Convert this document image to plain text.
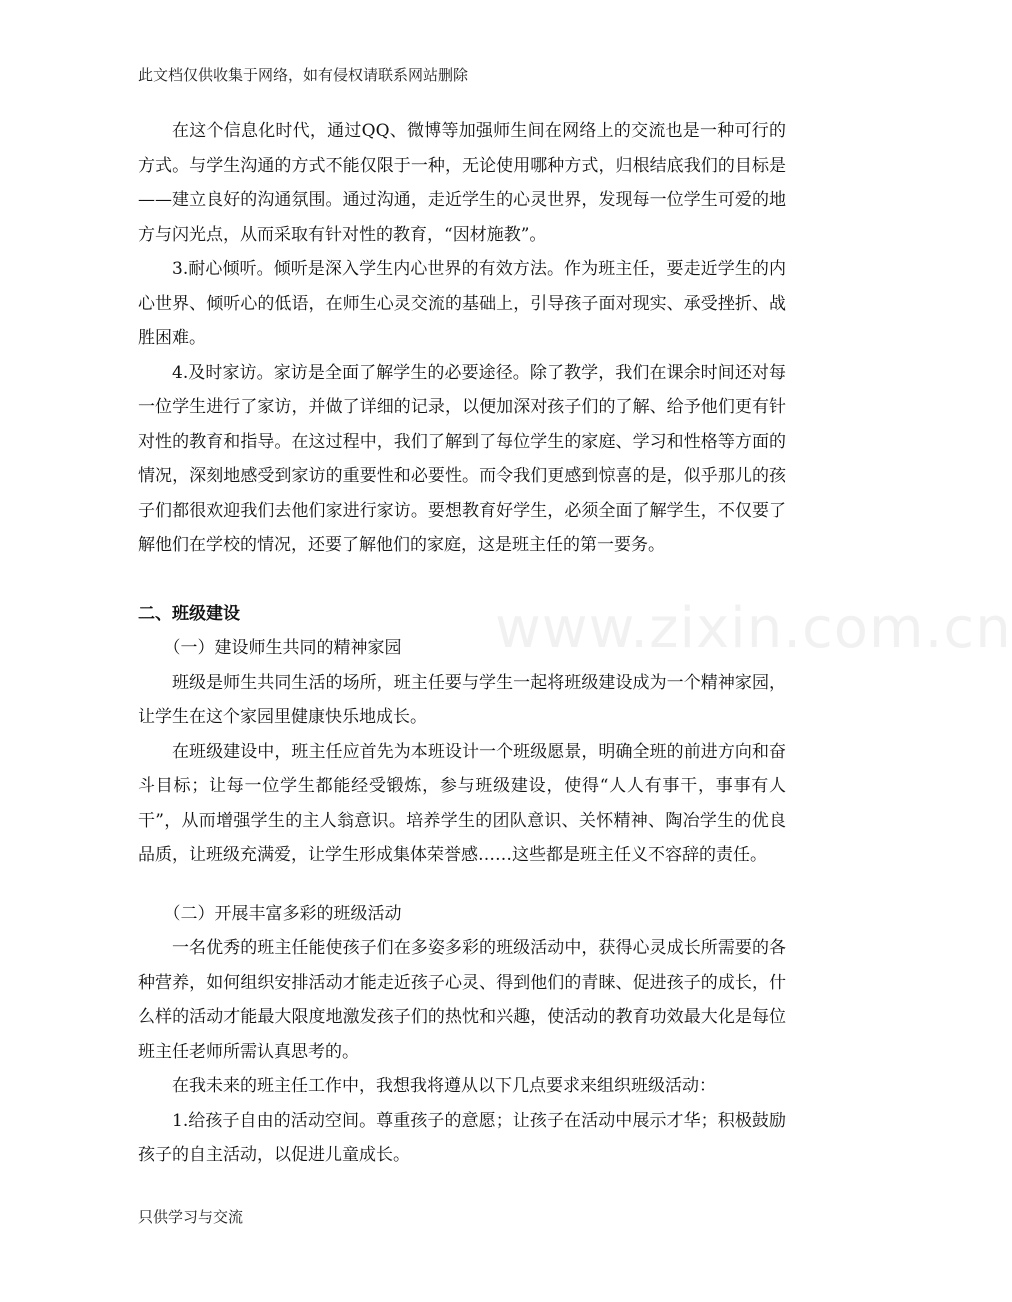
此文档仅供收集于网络，如有侵权请联系网站删除
www.zixin.com.cn

在这个信息化时代，通过QQ、微博等加强师生间在网络上的交流也是一种可行的方式。与学生沟通的方式不能仅限于一种，无论使用哪种方式，归根结底我们的目标是——建立良好的沟通氛围。通过沟通，走近学生的心灵世界，发现每一位学生可爱的地方与闪光点，从而采取有针对性的教育，“因材施教”。

3.耐心倾听。倾听是深入学生内心世界的有效方法。作为班主任，要走近学生的内心世界、倾听心的低语，在师生心灵交流的基础上，引导孩子面对现实、承受挫折、战胜困难。

4.及时家访。家访是全面了解学生的必要途径。除了教学，我们在课余时间还对每一位学生进行了家访，并做了详细的记录，以便加深对孩子们的了解、给予他们更有针对性的教育和指导。在这过程中，我们了解到了每位学生的家庭、学习和性格等方面的情况，深刻地感受到家访的重要性和必要性。而令我们更感到惊喜的是，似乎那儿的孩子们都很欢迎我们去他们家进行家访。要想教育好学生，必须全面了解学生，不仅要了解他们在学校的情况，还要了解他们的家庭，这是班主任的第一要务。

二、班级建设

（一）建设师生共同的精神家园

班级是师生共同生活的场所，班主任要与学生一起将班级建设成为一个精神家园，让学生在这个家园里健康快乐地成长。

在班级建设中，班主任应首先为本班设计一个班级愿景，明确全班的前进方向和奋斗目标；让每一位学生都能经受锻炼，参与班级建设，使得“人人有事干，事事有人干”，从而增强学生的主人翁意识。培养学生的团队意识、关怀精神、陶冶学生的优良品质，让班级充满爱，让学生形成集体荣誉感……这些都是班主任义不容辞的责任。

（二）开展丰富多彩的班级活动

一名优秀的班主任能使孩子们在多姿多彩的班级活动中，获得心灵成长所需要的各种营养，如何组织安排活动才能走近孩子心灵、得到他们的青睐、促进孩子的成长，什么样的活动才能最大限度地激发孩子们的热忱和兴趣，使活动的教育功效最大化是每位班主任老师所需认真思考的。

在我未来的班主任工作中，我想我将遵从以下几点要求来组织班级活动：

1.给孩子自由的活动空间。尊重孩子的意愿；让孩子在活动中展示才华；积极鼓励孩子的自主活动，以促进儿童成长。

只供学习与交流
